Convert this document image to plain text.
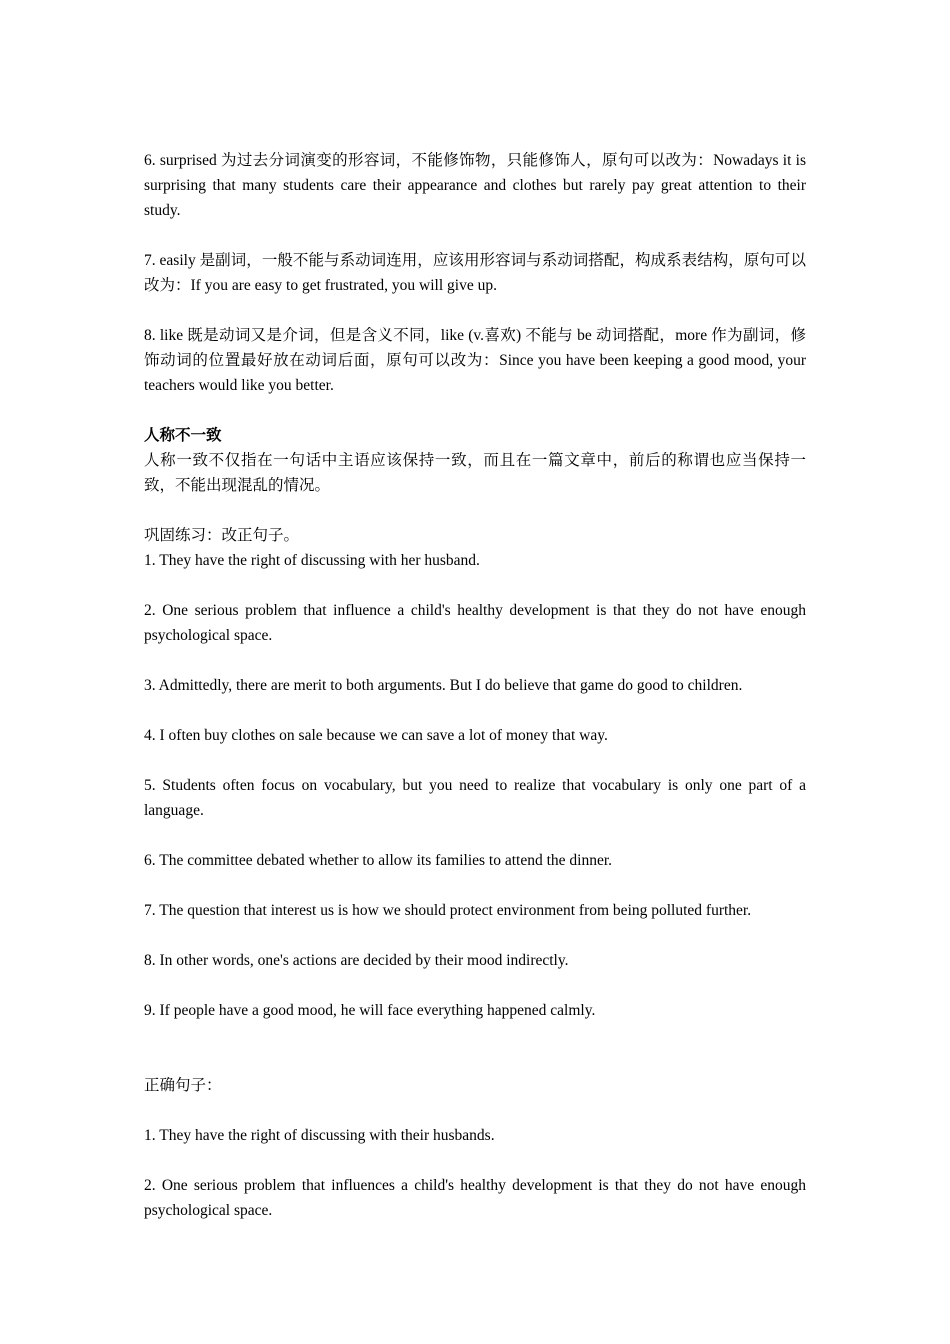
6. surprised 为过去分词演变的形容词，不能修饰物，只能修饰人，原句可以改为：Nowadays it is surprising that many students care their appearance and clothes but rarely pay great attention to their study.

7. easily 是副词，一般不能与系动词连用，应该用形容词与系动词搭配，构成系表结构，原句可以改为：If you are easy to get frustrated, you will give up.

8. like 既是动词又是介词，但是含义不同，like (v.喜欢) 不能与 be 动词搭配，more 作为副词，修饰动词的位置最好放在动词后面，原句可以改为：Since you have been keeping a good mood, your teachers would like you better.

人称不一致

人称一致不仅指在一句话中主语应该保持一致，而且在一篇文章中，前后的称谓也应当保持一致，不能出现混乱的情况。

巩固练习：改正句子。

1. They have the right of discussing with her husband.

2. One serious problem that influence a child's healthy development is that they do not have enough psychological space.

3. Admittedly, there are merit to both arguments. But I do believe that game do good to children.

4. I often buy clothes on sale because we can save a lot of money that way.

5. Students often focus on vocabulary, but you need to realize that vocabulary is only one part of a language.

6. The committee debated whether to allow its families to attend the dinner.

7. The question that interest us is how we should protect environment from being polluted further.

8. In other words, one's actions are decided by their mood indirectly.

9. If people have a good mood, he will face everything happened calmly.

正确句子：

1. They have the right of discussing with their husbands.

2. One serious problem that influences a child's healthy development is that they do not have enough psychological space.
